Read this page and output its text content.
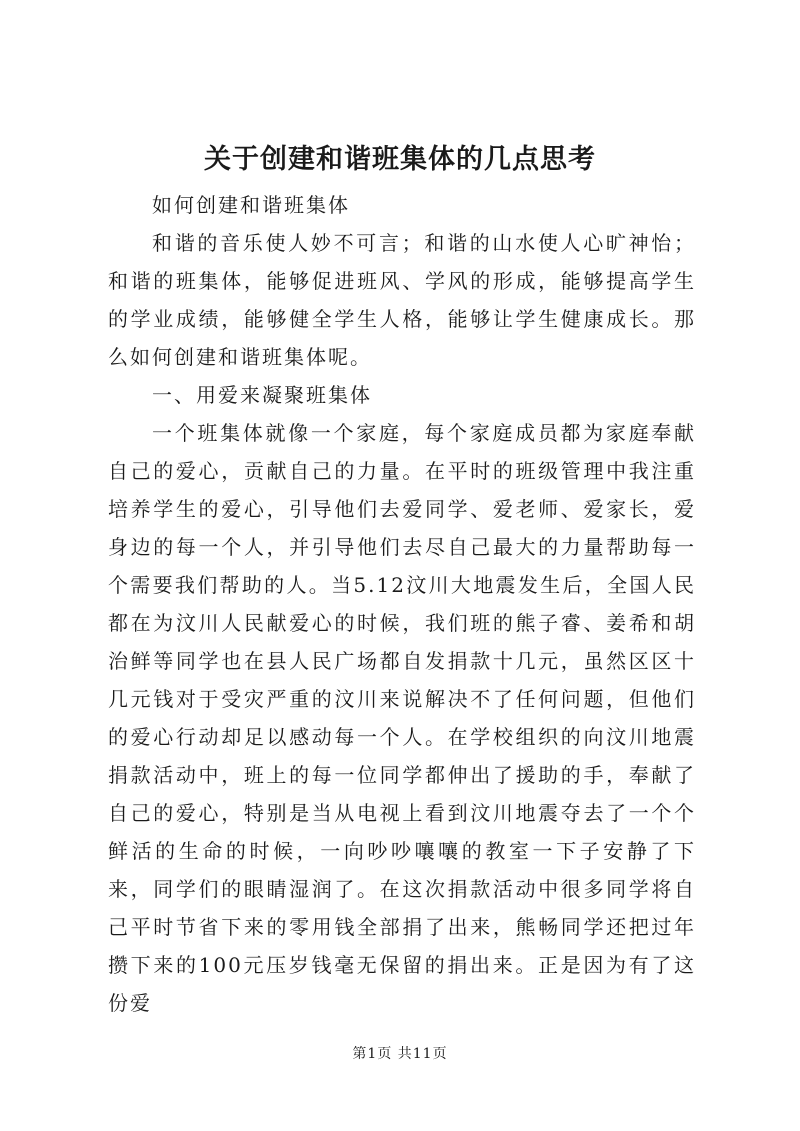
关于创建和谐班集体的几点思考

如何创建和谐班集体

和谐的音乐使人妙不可言；和谐的山水使人心旷神怡；和谐的班集体，能够促进班风、学风的形成，能够提高学生的学业成绩，能够健全学生人格，能够让学生健康成长。那么如何创建和谐班集体呢。

一、用爱来凝聚班集体

一个班集体就像一个家庭，每个家庭成员都为家庭奉献自己的爱心，贡献自己的力量。在平时的班级管理中我注重培养学生的爱心，引导他们去爱同学、爱老师、爱家长，爱身边的每一个人，并引导他们去尽自己最大的力量帮助每一个需要我们帮助的人。当5.12汶川大地震发生后，全国人民都在为汶川人民献爱心的时候，我们班的熊子睿、姜希和胡治鲜等同学也在县人民广场都自发捐款十几元，虽然区区十几元钱对于受灾严重的汶川来说解决不了任何问题，但他们的爱心行动却足以感动每一个人。在学校组织的向汶川地震捐款活动中，班上的每一位同学都伸出了援助的手，奉献了自己的爱心，特别是当从电视上看到汶川地震夺去了一个个鲜活的生命的时候，一向吵吵嚷嚷的教室一下子安静了下来，同学们的眼睛湿润了。在这次捐款活动中很多同学将自己平时节省下来的零用钱全部捐了出来，熊畅同学还把过年攒下来的100元压岁钱毫无保留的捐出来。正是因为有了这份爱

第1页 共11页
